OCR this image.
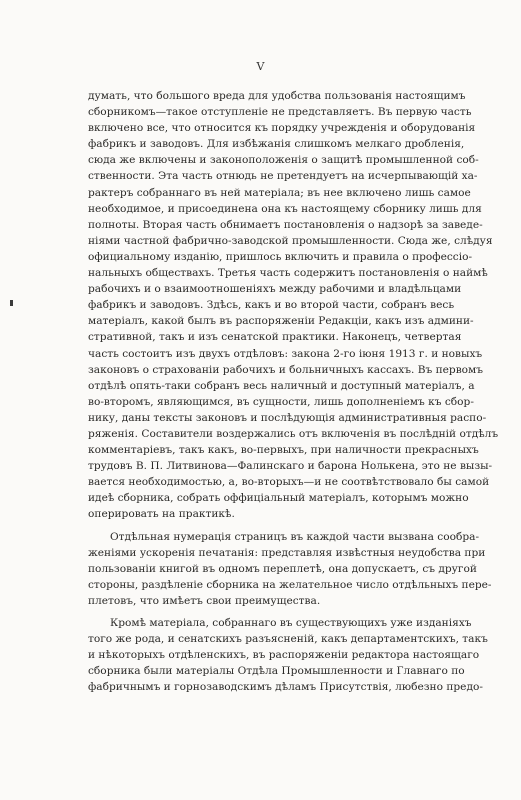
V
думать, что большого вреда для удобства пользованія настоящимъ
сборникомъ—такое отступленіе не представляетъ. Въ первую часть
включено все, что относится къ порядку учрежденія и оборудованія
фабрикъ и заводовъ. Для избѣжанія слишкомъ мелкаго дробленія,
сюда же включены и законоположенія о защитѣ промышленной соб-
ственности. Эта часть отнюдь не претендуетъ на исчерпывающій ха-
рактеръ собраннаго въ ней матеріала; въ нее включено лишь самое
необходимое, и присоединена она къ настоящему сборнику лишь для
полноты. Вторая часть обнимаетъ постановленія о надзорѣ за заведе-
ніями частной фабрично-заводской промышленности. Сюда же, слѣдуя
официальному изданію, пришлось включить и правила о профессіо-
нальныхъ обществахъ. Третья часть содержитъ постановленія о наймѣ
рабочихъ и о взаимоотношеніяхъ между рабочими и владѣльцами
фабрикъ и заводовъ. Здѣсь, какъ и во второй части, собранъ весь
матеріалъ, какой былъ въ распоряженіи Редакціи, какъ изъ админи-
стративной, такъ и изъ сенатской практики. Наконецъ, четвертая
часть состоитъ изъ двухъ отдѣловъ: закона 2-го іюня 1913 г. и новыхъ
законовъ о страхованіи рабочихъ и больничныхъ кассахъ. Въ первомъ
отдѣлѣ опять-таки собранъ весь наличный и доступный матеріалъ, а
во-второмъ, являющимся, въ сущности, лишь дополненіемъ къ сбор-
нику, даны тексты законовъ и послѣдующія административныя распо-
ряженія. Составители воздержались отъ включенія въ послѣдній отдѣлъ
комментаріевъ, такъ какъ, во-первыхъ, при наличности прекрасныхъ
трудовъ В. П. Литвинова—Фалинскаго и барона Нолькена, это не вызы-
вается необходимостью, а, во-вторыхъ—и не соотвѣтствовало бы самой
идеѣ сборника, собрать оффиціальный матеріалъ, которымъ можно
оперировать на практикѣ.
Отдѣльная нумерація страницъ въ каждой части вызвана сообра-
женіями ускоренія печатанія: представляя извѣстныя неудобства при
пользованіи книгой въ одномъ переплетѣ, она допускаетъ, съ другой
стороны, раздѣленіе сборника на желательное число отдѣльныхъ пере-
плетовъ, что имѣетъ свои преимущества.
Кромѣ матеріала, собраннаго въ существующихъ уже изданіяхъ
того же рода, и сенатскихъ разъясненій, какъ департаментскихъ, такъ
и нѣкоторыхъ отдѣленскихъ, въ распоряженіи редактора настоящаго
сборника были матеріалы Отдѣла Промышленности и Главнаго по
фабричнымъ и горнозаводскимъ дѣламъ Присутствія, любезно предо-
